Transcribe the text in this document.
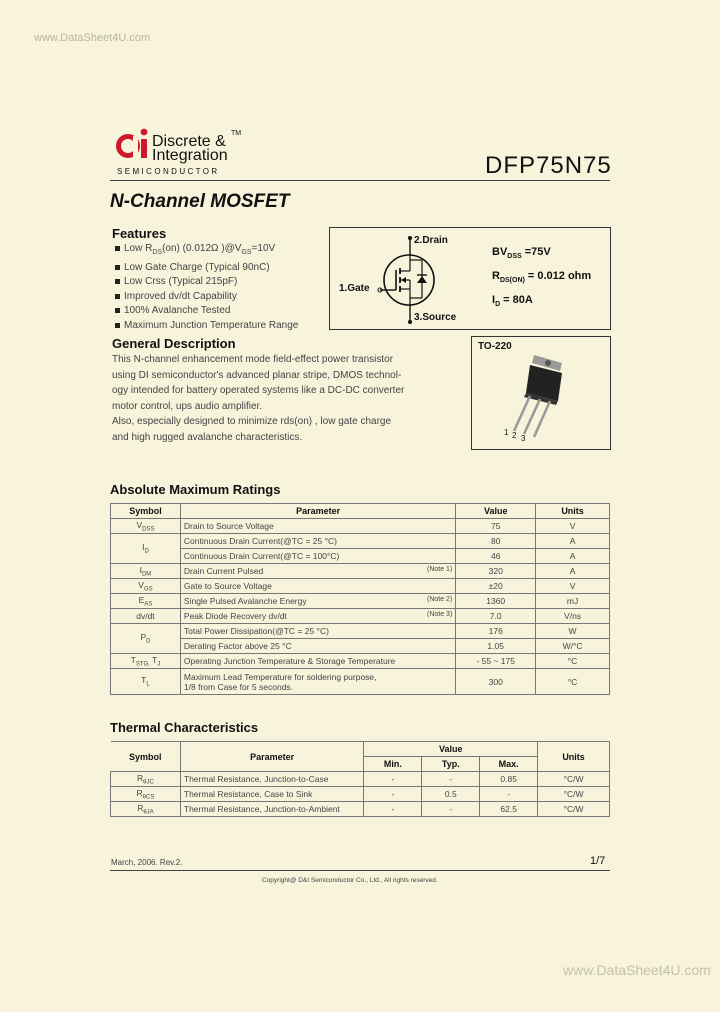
www.DataSheet4U.com
Discrete & TM
Integration
SEMICONDUCTOR	DFP75N75
N-Channel MOSFET
Features
Low $R_{DS}(on)$ (0.012Ω )$@V_{GS}=10V$
Low Gate Charge (Typical 90nC)
Low Crss (Typical 215pF)
Improved dv/dt Capability
100% Avalanche Tested
Maximum Junction Temperature Range
2.Drain
1.Gate
3.Source
$BV_{DSS} =75V$
$R_{DS(ON)} = 0.012$ ohm
$I_D = 80A$
TO-220
1 2 3
General Description
This N-channel enhancement mode field-effect power transistor
using DI semiconductor's advanced planar stripe, DMOS technol-
ogy intended for battery operated systems like a DC-DC converter
motor control, ups audio amplifier.
Also, especially designed to minimize rds(on) , low gate charge
and high rugged avalanche characteristics.
Absolute Maximum Ratings
Symbol	Parameter	Value	Units
$V_{DSS}$	Drain to Source Voltage	75	V
$I_D$	Continuous Drain Current(@TC = 25 °C)	80	A
	Continuous Drain Current(@TC = 100°C)	46	A
$I_{DM}$	Drain Current Pulsed (Note 1)	320	A
$V_{GS}$	Gate to Source Voltage	±20	V
$E_{AS}$	Single Pulsed Avalanche Energy (Note 2)	1360	mJ
dv/dt	Peak Diode Recovery dv/dt (Note 3)	7.0	V/ns
$P_D$	Total Power Dissipation(@TC = 25 °C)	176	W
	Derating Factor above 25 °C	1.05	W/°C
$T_{STG,}$ $T_J$	Operating Junction Temperature & Storage Temperature	- 55 ~ 175	°C
$T_L$	Maximum Lead Temperature for soldering purpose,
1/8 from Case for 5 seconds.	300	°C
Thermal Characteristics
Symbol	Parameter	Value			Units
		Min.	Typ.	Max.	
$R_{\theta JC}$	Thermal Resistance, Junction-to-Case	-	-	0.85	°C/W
$R_{\theta CS}$	Thermal Resistance, Case to Sink	-	0.5	-	°C/W
$R_{\theta JA}$	Thermal Resistance, Junction-to-Ambient	-	-	62.5	°C/W
March, 2006. Rev.2.	1/7
Copyright@ D&I Semiconductor Co., Ltd., All rights reserved.
www.DataSheet4U.com
